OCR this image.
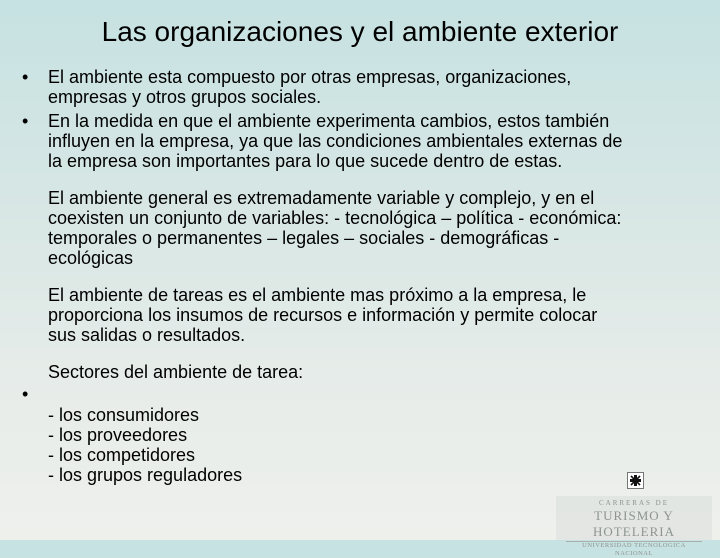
Las organizaciones y el ambiente exterior
• El ambiente esta compuesto por otras empresas, organizaciones,

empresas y otros grupos sociales.

• En la medida en que el ambiente experimenta cambios, estos también

influyen en la empresa, ya que las condiciones ambientales externas de

la empresa son importantes para lo que sucede dentro de estas.

El ambiente general es extremadamente variable y complejo, y en el

coexisten un conjunto de variables: - tecnológica – política - económica:

temporales o permanentes – legales – sociales - demográficas -

ecológicas

El ambiente de tareas es el ambiente mas próximo a la empresa, le

proporciona los insumos de recursos e información y permite colocar

sus salidas o resultados.

•

Sectores del ambiente de tarea:

- los consumidores

- los proveedores

- los competidores

- los grupos reguladores

CARRERAS DE
TURISMO Y HOTELERIA
UNIVERSIDAD TECNOLOGICA NACIONAL
